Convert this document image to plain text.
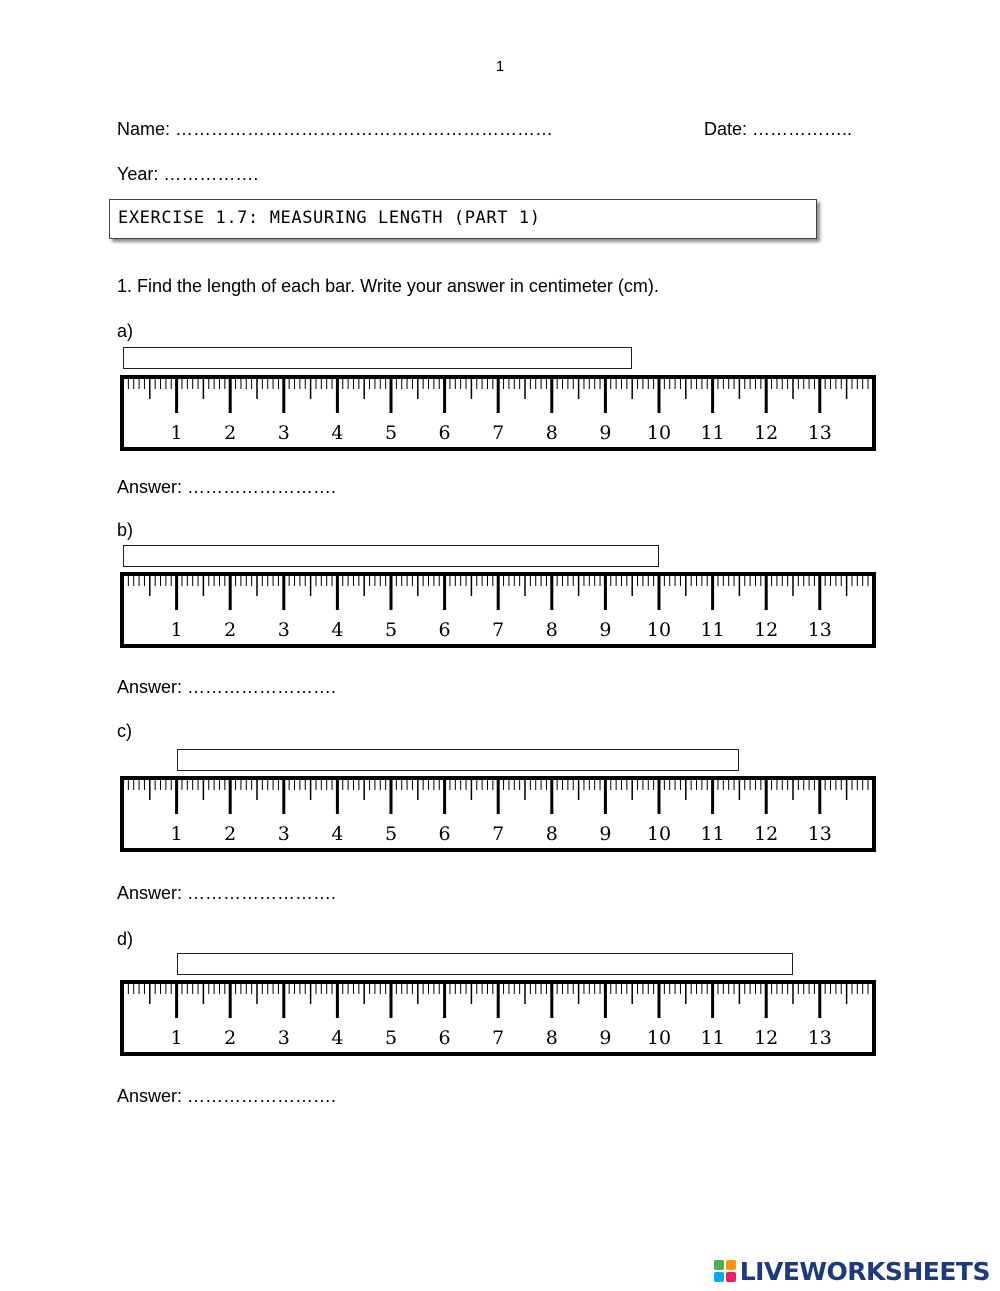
1
Name: ………………………………………………………	Date: ……………..
Year: …………….
EXERCISE 1.7: MEASURING LENGTH (PART 1)
1. Find the length of each bar. Write your answer in centimeter (cm).
a)
1 2 3 4 5 6 7 8 9 10 11 12 13
Answer: …………………….
b)
1 2 3 4 5 6 7 8 9 10 11 12 13
Answer: …………………….
c)
1 2 3 4 5 6 7 8 9 10 11 12 13
Answer: …………………….
d)
1 2 3 4 5 6 7 8 9 10 11 12 13
Answer: …………………….
LIVEWORKSHEETS
